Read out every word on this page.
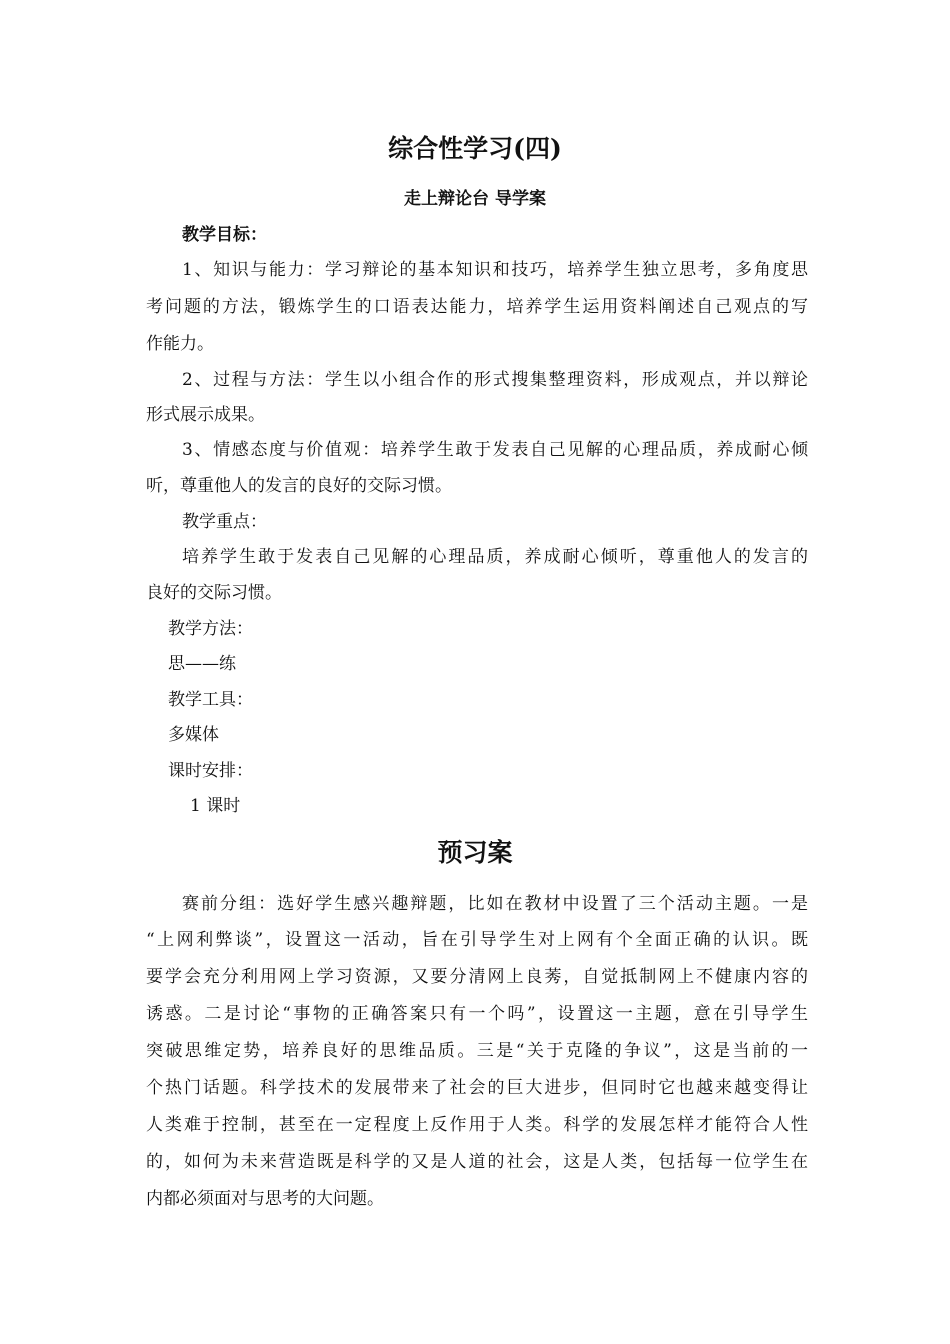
综合性学习(四)
走上辩论台 导学案
教学目标：
1、知识与能力：学习辩论的基本知识和技巧，培养学生独立思考，多角度思
考问题的方法，锻炼学生的口语表达能力，培养学生运用资料阐述自己观点的写
作能力。
2、过程与方法：学生以小组合作的形式搜集整理资料，形成观点，并以辩论
形式展示成果。
3、情感态度与价值观：培养学生敢于发表自己见解的心理品质，养成耐心倾
听，尊重他人的发言的良好的交际习惯。
教学重点：
培养学生敢于发表自己见解的心理品质，养成耐心倾听，尊重他人的发言的
良好的交际习惯。
教学方法：
思——练
教学工具：
多媒体
课时安排：
1 课时
预习案
赛前分组：选好学生感兴趣辩题，比如在教材中设置了三个活动主题。一是
“上网利弊谈”，设置这一活动，旨在引导学生对上网有个全面正确的认识。既
要学会充分利用网上学习资源，又要分清网上良莠，自觉抵制网上不健康内容的
诱惑。二是讨论“事物的正确答案只有一个吗”，设置这一主题，意在引导学生
突破思维定势，培养良好的思维品质。三是“关于克隆的争议”，这是当前的一
个热门话题。科学技术的发展带来了社会的巨大进步，但同时它也越来越变得让
人类难于控制，甚至在一定程度上反作用于人类。科学的发展怎样才能符合人性
的，如何为未来营造既是科学的又是人道的社会，这是人类，包括每一位学生在
内都必须面对与思考的大问题。
